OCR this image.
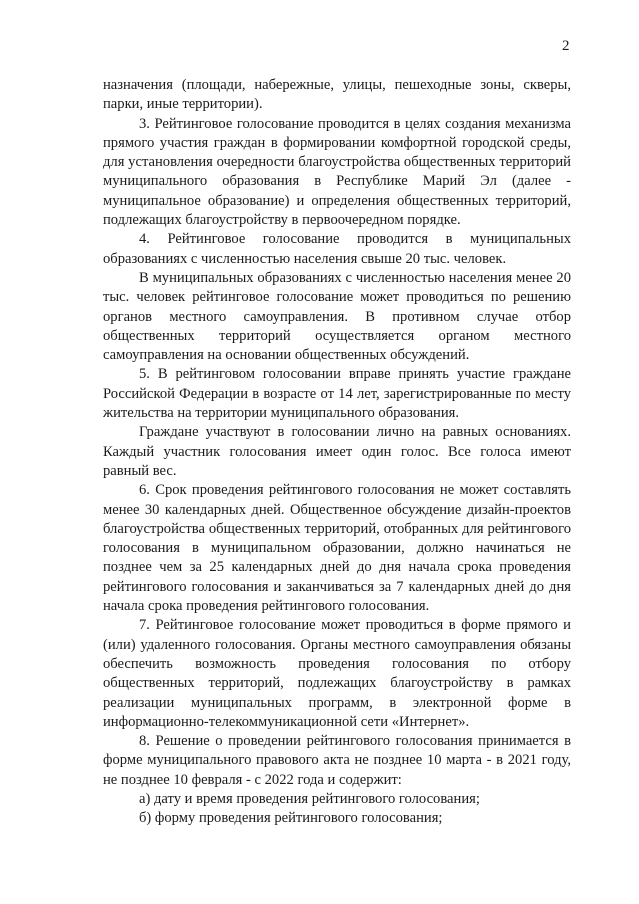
2

назначения (площади, набережные, улицы, пешеходные зоны, скверы, парки, иные территории).

3. Рейтинговое голосование проводится в целях создания механизма прямого участия граждан в формировании комфортной городской среды, для установления очередности благоустройства общественных территорий муниципального образования в Республике Марий Эл (далее - муниципальное образование) и определения общественных территорий, подлежащих благоустройству в первоочередном порядке.

4. Рейтинговое голосование проводится в муниципальных образованиях с численностью населения свыше 20 тыс. человек.

В муниципальных образованиях с численностью населения менее 20 тыс. человек рейтинговое голосование может проводиться по решению органов местного самоуправления. В противном случае отбор общественных территорий осуществляется органом местного самоуправления на основании общественных обсуждений.

5. В рейтинговом голосовании вправе принять участие граждане Российской Федерации в возрасте от 14 лет, зарегистрированные по месту жительства на территории муниципального образования.

Граждане участвуют в голосовании лично на равных основаниях. Каждый участник голосования имеет один голос. Все голоса имеют равный вес.

6. Срок проведения рейтингового голосования не может составлять менее 30 календарных дней. Общественное обсуждение дизайн-проектов благоустройства общественных территорий, отобранных для рейтингового голосования в муниципальном образовании, должно начинаться не позднее чем за 25 календарных дней до дня начала срока проведения рейтингового голосования и заканчиваться за 7 календарных дней до дня начала срока проведения рейтингового голосования.

7. Рейтинговое голосование может проводиться в форме прямого и (или) удаленного голосования. Органы местного самоуправления обязаны обеспечить возможность проведения голосования по отбору общественных территорий, подлежащих благоустройству в рамках реализации муниципальных программ, в электронной форме в информационно-телекоммуникационной сети «Интернет».

8. Решение о проведении рейтингового голосования принимается в форме муниципального правового акта не позднее 10 марта - в 2021 году, не позднее 10 февраля - с 2022 года и содержит:

а) дату и время проведения рейтингового голосования;

б) форму проведения рейтингового голосования;
